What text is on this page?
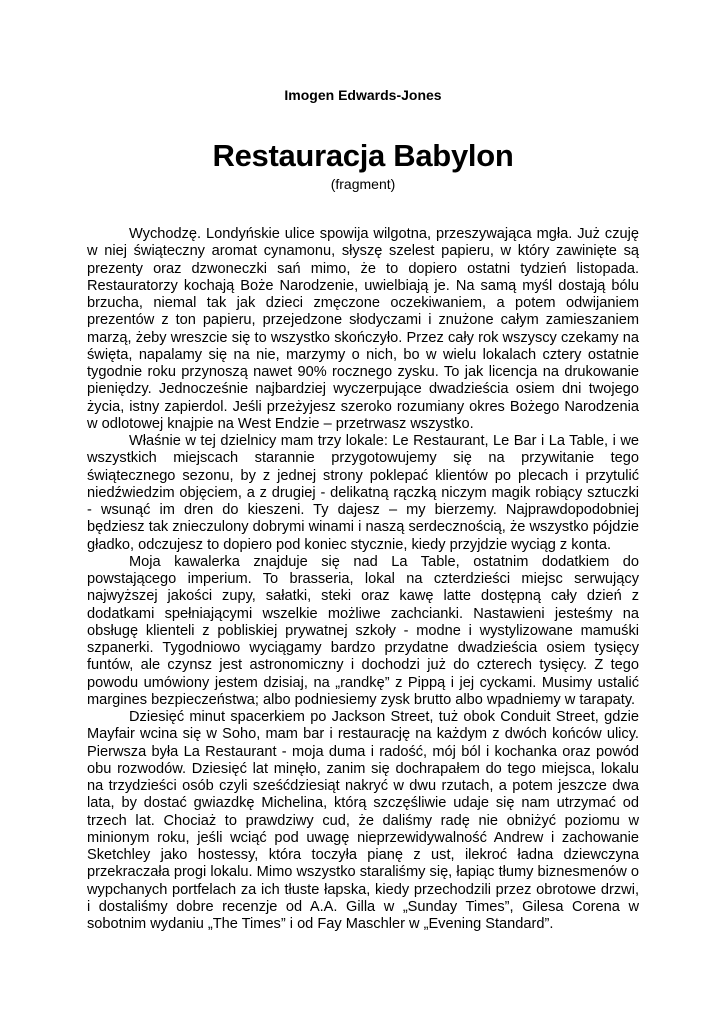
Imogen Edwards-Jones
Restauracja Babylon
(fragment)

Wychodzę. Londyńskie ulice spowija wilgotna, przeszywająca mgła. Już czuję w niej świąteczny aromat cynamonu, słyszę szelest papieru, w który zawinięte są prezenty oraz dzwoneczki sań mimo, że to dopiero ostatni tydzień listopada. Restauratorzy kochają Boże Narodzenie, uwielbiają je. Na samą myśl dostają bólu brzucha, niemal tak jak dzieci zmęczone oczekiwaniem, a potem odwijaniem prezentów z ton papieru, przejedzone słodyczami i znużone całym zamieszaniem marzą, żeby wreszcie się to wszystko skończyło. Przez cały rok wszyscy czekamy na święta, napalamy się na nie, marzymy o nich, bo w wielu lokalach cztery ostatnie tygodnie roku przynoszą nawet 90% rocznego zysku. To jak licencja na drukowanie pieniędzy. Jednocześnie najbardziej wyczerpujące dwadzieścia osiem dni twojego życia, istny zapierdol. Jeśli przeżyjesz szeroko rozumiany okres Bożego Narodzenia w odlotowej knajpie na West Endzie – przetrwasz wszystko.

Właśnie w tej dzielnicy mam trzy lokale: Le Restaurant, Le Bar i La Table, i we wszystkich miejscach starannie przygotowujemy się na przywitanie tego świątecznego sezonu, by z jednej strony poklepać klientów po plecach i przytulić niedźwiedzim objęciem, a z drugiej - delikatną rączką niczym magik robiący sztuczki - wsunąć im dren do kieszeni. Ty dajesz – my bierzemy. Najprawdopodobniej będziesz tak znieczulony dobrymi winami i naszą serdecznością, że wszystko pójdzie gładko, odczujesz to dopiero pod koniec stycznie, kiedy przyjdzie wyciąg z konta.

Moja kawalerka znajduje się nad La Table, ostatnim dodatkiem do powstającego imperium. To brasseria, lokal na czterdzieści miejsc serwujący najwyższej jakości zupy, sałatki, steki oraz kawę latte dostępną cały dzień z dodatkami spełniającymi wszelkie możliwe zachcianki. Nastawieni jesteśmy na obsługę klienteli z pobliskiej prywatnej szkoły - modne i wystylizowane mamuśki szpanerki. Tygodniowo wyciągamy bardzo przydatne dwadzieścia osiem tysięcy funtów, ale czynsz jest astronomiczny i dochodzi już do czterech tysięcy. Z tego powodu umówiony jestem dzisiaj, na „randkę” z Pippą i jej cyckami. Musimy ustalić margines bezpieczeństwa; albo podniesiemy zysk brutto albo wpadniemy w tarapaty.

Dziesięć minut spacerkiem po Jackson Street, tuż obok Conduit Street, gdzie Mayfair wcina się w Soho, mam bar i restaurację na każdym z dwóch końców ulicy. Pierwsza była La Restaurant - moja duma i radość, mój ból i kochanka oraz powód obu rozwodów. Dziesięć lat minęło, zanim się dochrapałem do tego miejsca, lokalu na trzydzieści osób czyli sześćdziesiąt nakryć w dwu rzutach, a potem jeszcze dwa lata, by dostać gwiazdkę Michelina, którą szczęśliwie udaje się nam utrzymać od trzech lat. Chociaż to prawdziwy cud, że daliśmy radę nie obniżyć poziomu w minionym roku, jeśli wciąć pod uwagę nieprzewidywalność Andrew i zachowanie Sketchley jako hostessy, która toczyła pianę z ust, ilekroć ładna dziewczyna przekraczała progi lokalu. Mimo wszystko staraliśmy się, łapiąc tłumy biznesmenów o wypchanych portfelach za ich tłuste łapska, kiedy przechodzili przez obrotowe drzwi, i dostaliśmy dobre recenzje od A.A. Gilla w „Sunday Times”, Gilesa Corena w sobotnim wydaniu „The Times” i od Fay Maschler w „Evening Standard”.
